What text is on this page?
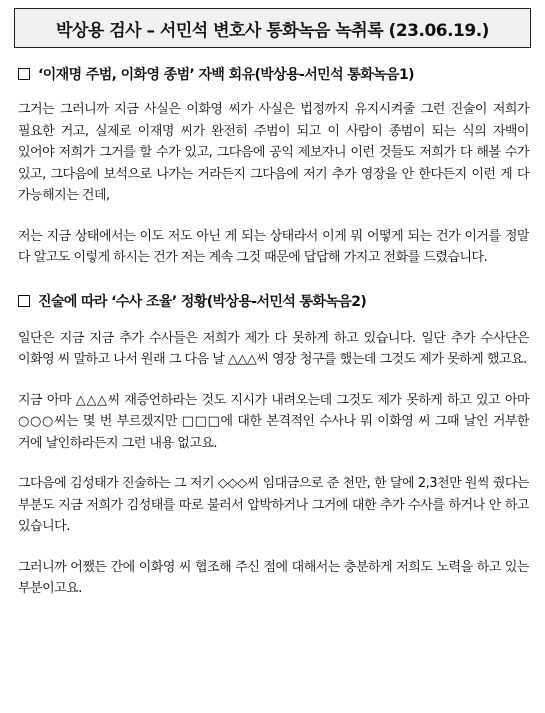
박상용 검사 – 서민석 변호사 통화녹음 녹취록 (23.06.19.)
‘이재명 주범, 이화영 종범’ 자백 회유(박상용-서민석 통화녹음1)
그거는 그러니까 지금 사실은 이화영 씨가 사실은 법정까지 유지시켜줄 그런 진술이 저희가 필요한 거고, 실제로 이재명 씨가 완전히 주범이 되고 이 사람이 종범이 되는 식의 자백이 있어야 저희가 그거를 할 수가 있고, 그다음에 공익 제보자니 이런 것들도 저희가 다 해볼 수가 있고, 그다음에 보석으로 나가는 거라든지 그다음에 저기 추가 영장을 안 한다든지 이런 게 다 가능해지는 건데,
저는 지금 상태에서는 이도 저도 아닌 게 되는 상태라서 이게 뭐 어떻게 되는 건가 이거를 정말 다 알고도 이렇게 하시는 건가 저는 계속 그것 때문에 답답해 가지고 전화를 드렸습니다.
진술에 따라 ‘수사 조율’ 정황(박상용-서민석 통화녹음2)
일단은 지금 지금 추가 수사들은 저희가 제가 다 못하게 하고 있습니다. 일단 추가 수사단은 이화영 씨 말하고 나서 원래 그 다음 날 △△△씨 영장 청구를 했는데 그것도 제가 못하게 했고요.
지금 아마 △△△씨 재증언하라는 것도 지시가 내려오는데 그것도 제가 못하게 하고 있고 아마 ○○○씨는 몇 번 부르겠지만 □□□에 대한 본격적인 수사나 뭐 이화영 씨 그때 날인 거부한 거에 날인하라든지 그런 내용 없고요.
그다음에 김성태가 진술하는 그 저기 ◇◇◇씨 임대금으로 준 천만, 한 달에 2,3천만 원씩 줬다는 부분도 지금 저희가 김성태를 따로 불러서 압박하거나 그거에 대한 추가 수사를 하거나 안 하고 있습니다.
그러니까 어쨌든 간에 이화영 씨 협조해 주신 점에 대해서는 충분하게 저희도 노력을 하고 있는 부분이고요.
